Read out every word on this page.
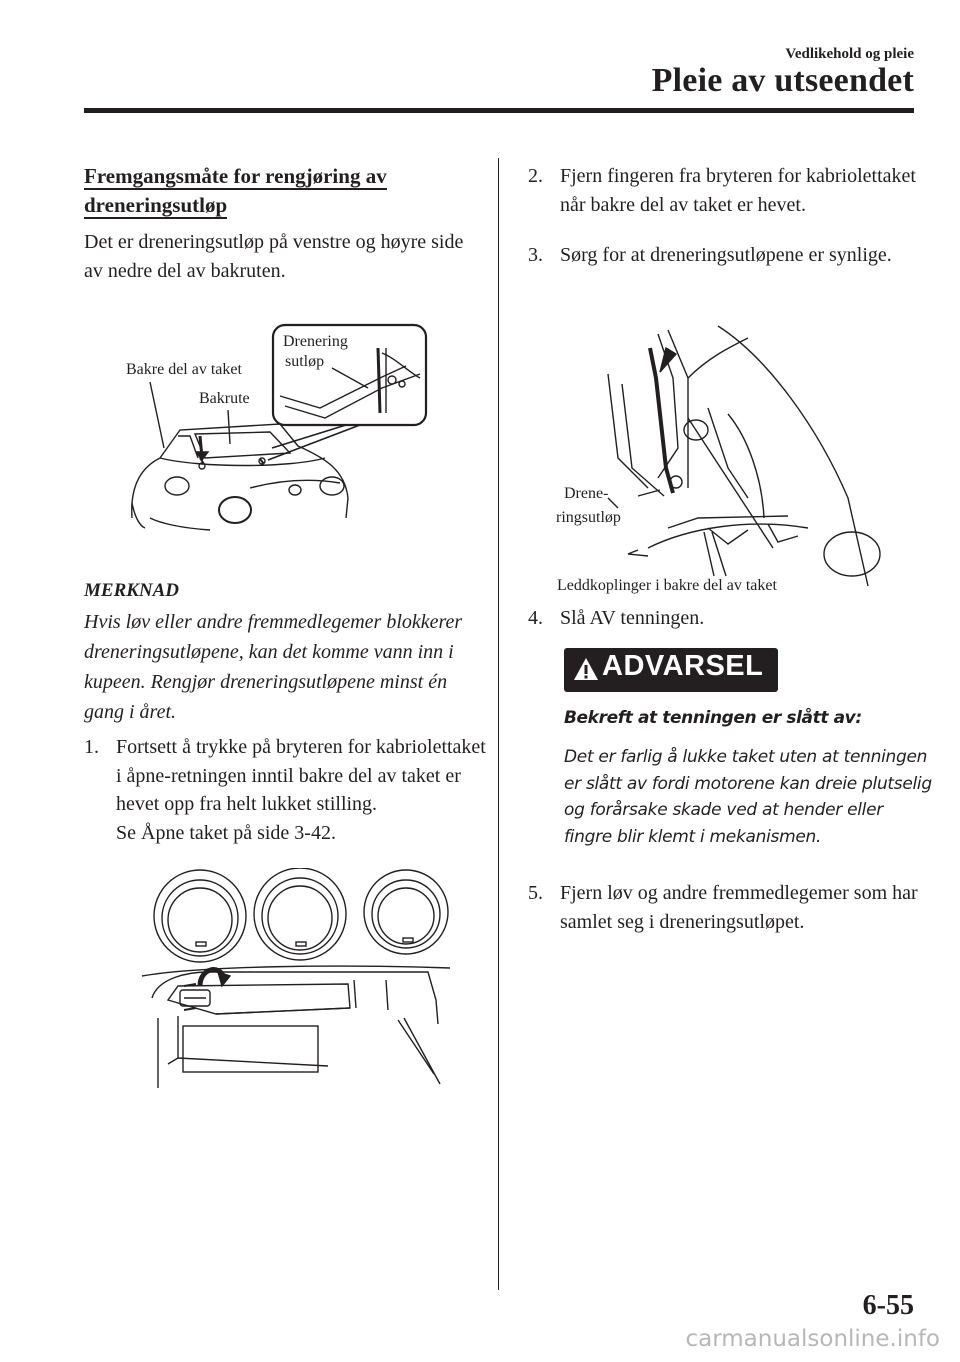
Vedlikehold og pleie
Pleie av utseendet
Fremgangsmåte for rengjøring av
dreneringsutløp
Det er dreneringsutløp på venstre og høyre side av nedre del av bakruten.
Drenering
sutløp
Bakre del av taket
Bakrute
MERKNAD
Hvis løv eller andre fremmedlegemer blokkerer dreneringsutløpene, kan det komme vann inn i kupeen. Rengjør dreneringsutløpene minst én gang i året.
1. Fortsett å trykke på bryteren for kabriolettaket i åpne-retningen inntil bakre del av taket er hevet opp fra helt lukket stilling.
Se Åpne taket på side 3-42.
2. Fjern fingeren fra bryteren for kabriolettaket når bakre del av taket er hevet.
3. Sørg for at dreneringsutløpene er synlige.
Drene-
ringsutløp
Leddkoplinger i bakre del av taket
4. Slå AV tenningen.
ADVARSEL
Bekreft at tenningen er slått av:
Det er farlig å lukke taket uten at tenningen er slått av fordi motorene kan dreie plutselig og forårsake skade ved at hender eller fingre blir klemt i mekanismen.
5. Fjern løv og andre fremmedlegemer som har samlet seg i dreneringsutløpet.
6-55
carmanualsonline.info
